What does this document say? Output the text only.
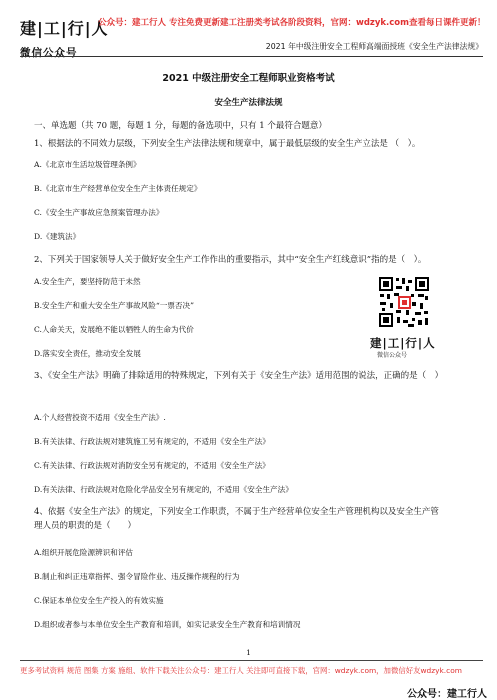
建|工|行|人
微信公众号
公众号：建工行人 专注免费更新建工注册类考试各阶段资料，官网：wdzyk.com查看每日课件更新！
2021 年中级注册安全工程师高端面授班《安全生产法律法规》
2021 中级注册安全工程师职业资格考试
安全生产法律法规
一、单选题（共 70 题，每题 1 分，每题的备选项中，只有 1 个最符合题意）
1、根据法的不同效力层级，下列安全生产法律法规和规章中，属于最低层级的安全生产立法是 （　）。
A.《北京市生活垃圾管理条例》
B.《北京市生产经营单位安全生产主体责任规定》
C.《安全生产事故应急预案管理办法》
D.《建筑法》
2、下列关于国家领导人关于做好安全生产工作作出的重要指示，其中“安全生产红线意识”指的是（　）。
A.安全生产，要坚持防范于未然
B.安全生产和重大安全生产事故风险“一票否决”
C.人命关天，发展绝不能以牺牲人的生命为代价
D.落实安全责任，推动安全发展
建|工|行|人
微信公众号
3、《安全生产法》明确了排除适用的特殊规定，下列有关于《安全生产法》适用范围的说法，正确的是（　）
A.个人经营投资不适用《安全生产法》.
B.有关法律、行政法规对建筑施工另有规定的，不适用《安全生产法》
C.有关法律、行政法规对消防安全另有规定的，不适用《安全生产法》
D.有关法律、行政法规对危险化学品安全另有规定的，不适用《安全生产法》
4、依据《安全生产法》的规定，下列安全工作职责，不属于生产经营单位安全生产管理机构以及安全生产管理人员的职责的是（　　）
A.组织开展危险源辨识和评估
B.制止和纠正违章指挥、强令冒险作业、违反操作规程的行为
C.保证本单位安全生产投入的有效实施
D.组织或者参与本单位安全生产教育和培训，如实记录安全生产教育和培训情况
1
更多考试资料 规范 图集 方案 施组、软件下载关注公众号：建工行人 关注即可直接下载，官网：wdzyk.com，加微信好友wdzyk.com
公众号：建工行人
